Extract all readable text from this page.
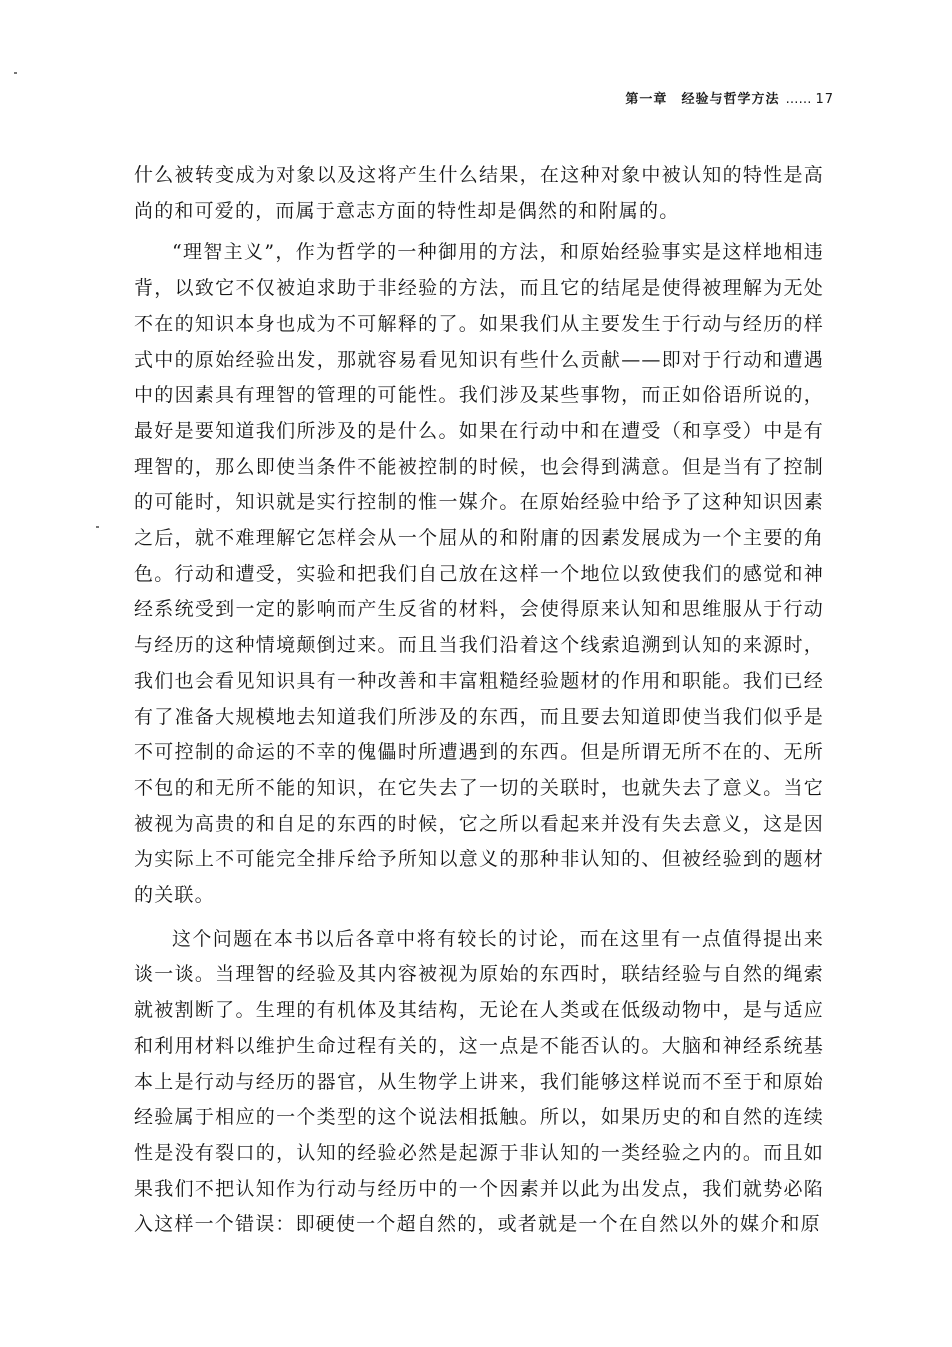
第一章 经验与哲学方法 …… 17

什么被转变成为对象以及这将产生什么结果，在这种对象中被认知的特性是高尚的和可爱的，而属于意志方面的特性却是偶然的和附属的。

“理智主义”，作为哲学的一种御用的方法，和原始经验事实是这样地相违背，以致它不仅被迫求助于非经验的方法，而且它的结尾是使得被理解为无处不在的知识本身也成为不可解释的了。如果我们从主要发生于行动与经历的样式中的原始经验出发，那就容易看见知识有些什么贡献——即对于行动和遭遇中的因素具有理智的管理的可能性。我们涉及某些事物，而正如俗语所说的，最好是要知道我们所涉及的是什么。如果在行动中和在遭受（和享受）中是有理智的，那么即使当条件不能被控制的时候，也会得到满意。但是当有了控制的可能时，知识就是实行控制的惟一媒介。在原始经验中给予了这种知识因素之后，就不难理解它怎样会从一个屈从的和附庸的因素发展成为一个主要的角色。行动和遭受，实验和把我们自己放在这样一个地位以致使我们的感觉和神经系统受到一定的影响而产生反省的材料，会使得原来认知和思维服从于行动与经历的这种情境颠倒过来。而且当我们沿着这个线索追溯到认知的来源时，我们也会看见知识具有一种改善和丰富粗糙经验题材的作用和职能。我们已经有了准备大规模地去知道我们所涉及的东西，而且要去知道即使当我们似乎是不可控制的命运的不幸的傀儡时所遭遇到的东西。但是所谓无所不在的、无所不包的和无所不能的知识，在它失去了一切的关联时，也就失去了意义。当它被视为高贵的和自足的东西的时候，它之所以看起来并没有失去意义，这是因为实际上不可能完全排斥给予所知以意义的那种非认知的、但被经验到的题材的关联。

这个问题在本书以后各章中将有较长的讨论，而在这里有一点值得提出来谈一谈。当理智的经验及其内容被视为原始的东西时，联结经验与自然的绳索就被割断了。生理的有机体及其结构，无论在人类或在低级动物中，是与适应和利用材料以维护生命过程有关的，这一点是不能否认的。大脑和神经系统基本上是行动与经历的器官，从生物学上讲来，我们能够这样说而不至于和原始经验属于相应的一个类型的这个说法相抵触。所以，如果历史的和自然的连续性是没有裂口的，认知的经验必然是起源于非认知的一类经验之内的。而且如果我们不把认知作为行动与经历中的一个因素并以此为出发点，我们就势必陷入这样一个错误：即硬使一个超自然的，或者就是一个在自然以外的媒介和原
